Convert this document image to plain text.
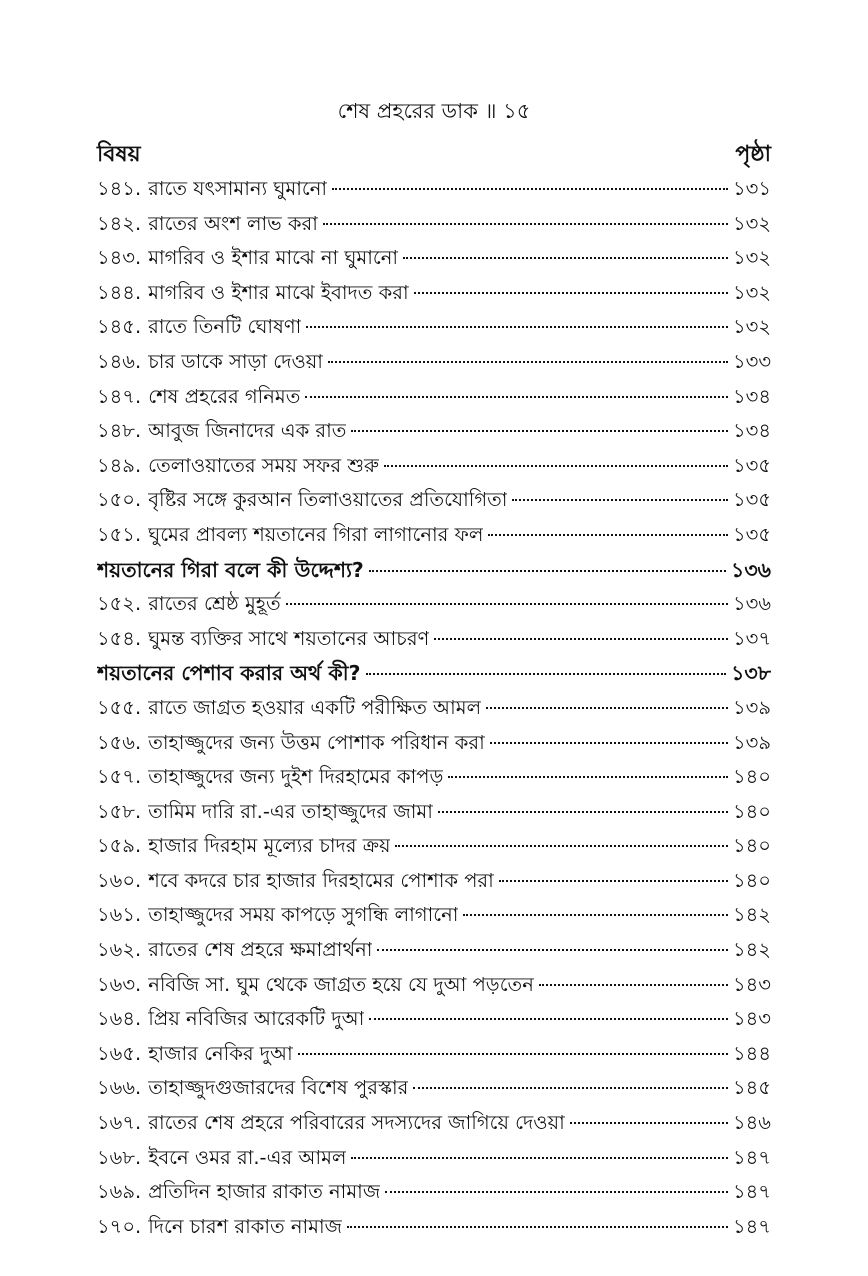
শেষ প্রহরের ডাক ॥ ১৫
বিষয়	পৃষ্ঠা
১৪১. রাতে যৎসামান্য ঘুমানো	১৩১
১৪২. রাতের অংশ লাভ করা	১৩২
১৪৩. মাগরিব ও ইশার মাঝে না ঘুমানো	১৩২
১৪৪. মাগরিব ও ইশার মাঝে ইবাদত করা	১৩২
১৪৫. রাতে তিনটি ঘোষণা	১৩২
১৪৬. চার ডাকে সাড়া দেওয়া	১৩৩
১৪৭. শেষ প্রহরের গনিমত	১৩৪
১৪৮. আবুজ জিনাদের এক রাত	১৩৪
১৪৯. তেলাওয়াতের সময় সফর শুরু	১৩৫
১৫০. বৃষ্টির সঙ্গে কুরআন তিলাওয়াতের প্রতিযোগিতা	১৩৫
১৫১. ঘুমের প্রাবল্য শয়তানের গিরা লাগানোর ফল	১৩৫
শয়তানের গিরা বলে কী উদ্দেশ্য?	১৩৬
১৫২. রাতের শ্রেষ্ঠ মুহূর্ত	১৩৬
১৫৪. ঘুমন্ত ব্যক্তির সাথে শয়তানের আচরণ	১৩৭
শয়তানের পেশাব করার অর্থ কী?	১৩৮
১৫৫. রাতে জাগ্রত হওয়ার একটি পরীক্ষিত আমল	১৩৯
১৫৬. তাহাজ্জুদের জন্য উত্তম পোশাক পরিধান করা	১৩৯
১৫৭. তাহাজ্জুদের জন্য দুইশ দিরহামের কাপড়	১৪০
১৫৮. তামিম দারি রা.-এর তাহাজ্জুদের জামা	১৪০
১৫৯. হাজার দিরহাম মূল্যের চাদর ক্রয়	১৪০
১৬০. শবে কদরে চার হাজার দিরহামের পোশাক পরা	১৪০
১৬১. তাহাজ্জুদের সময় কাপড়ে সুগন্ধি লাগানো	১৪২
১৬২. রাতের শেষ প্রহরে ক্ষমাপ্রার্থনা	১৪২
১৬৩. নবিজি সা. ঘুম থেকে জাগ্রত হয়ে যে দুআ পড়তেন	১৪৩
১৬৪. প্রিয় নবিজির আরেকটি দুআ	১৪৩
১৬৫. হাজার নেকির দুআ	১৪৪
১৬৬. তাহাজ্জুদগুজারদের বিশেষ পুরস্কার	১৪৫
১৬৭. রাতের শেষ প্রহরে পরিবারের সদস্যদের জাগিয়ে দেওয়া	১৪৬
১৬৮. ইবনে ওমর রা.-এর আমল	১৪৭
১৬৯. প্রতিদিন হাজার রাকাত নামাজ	১৪৭
১৭০. দিনে চারশ রাকাত নামাজ	১৪৭
